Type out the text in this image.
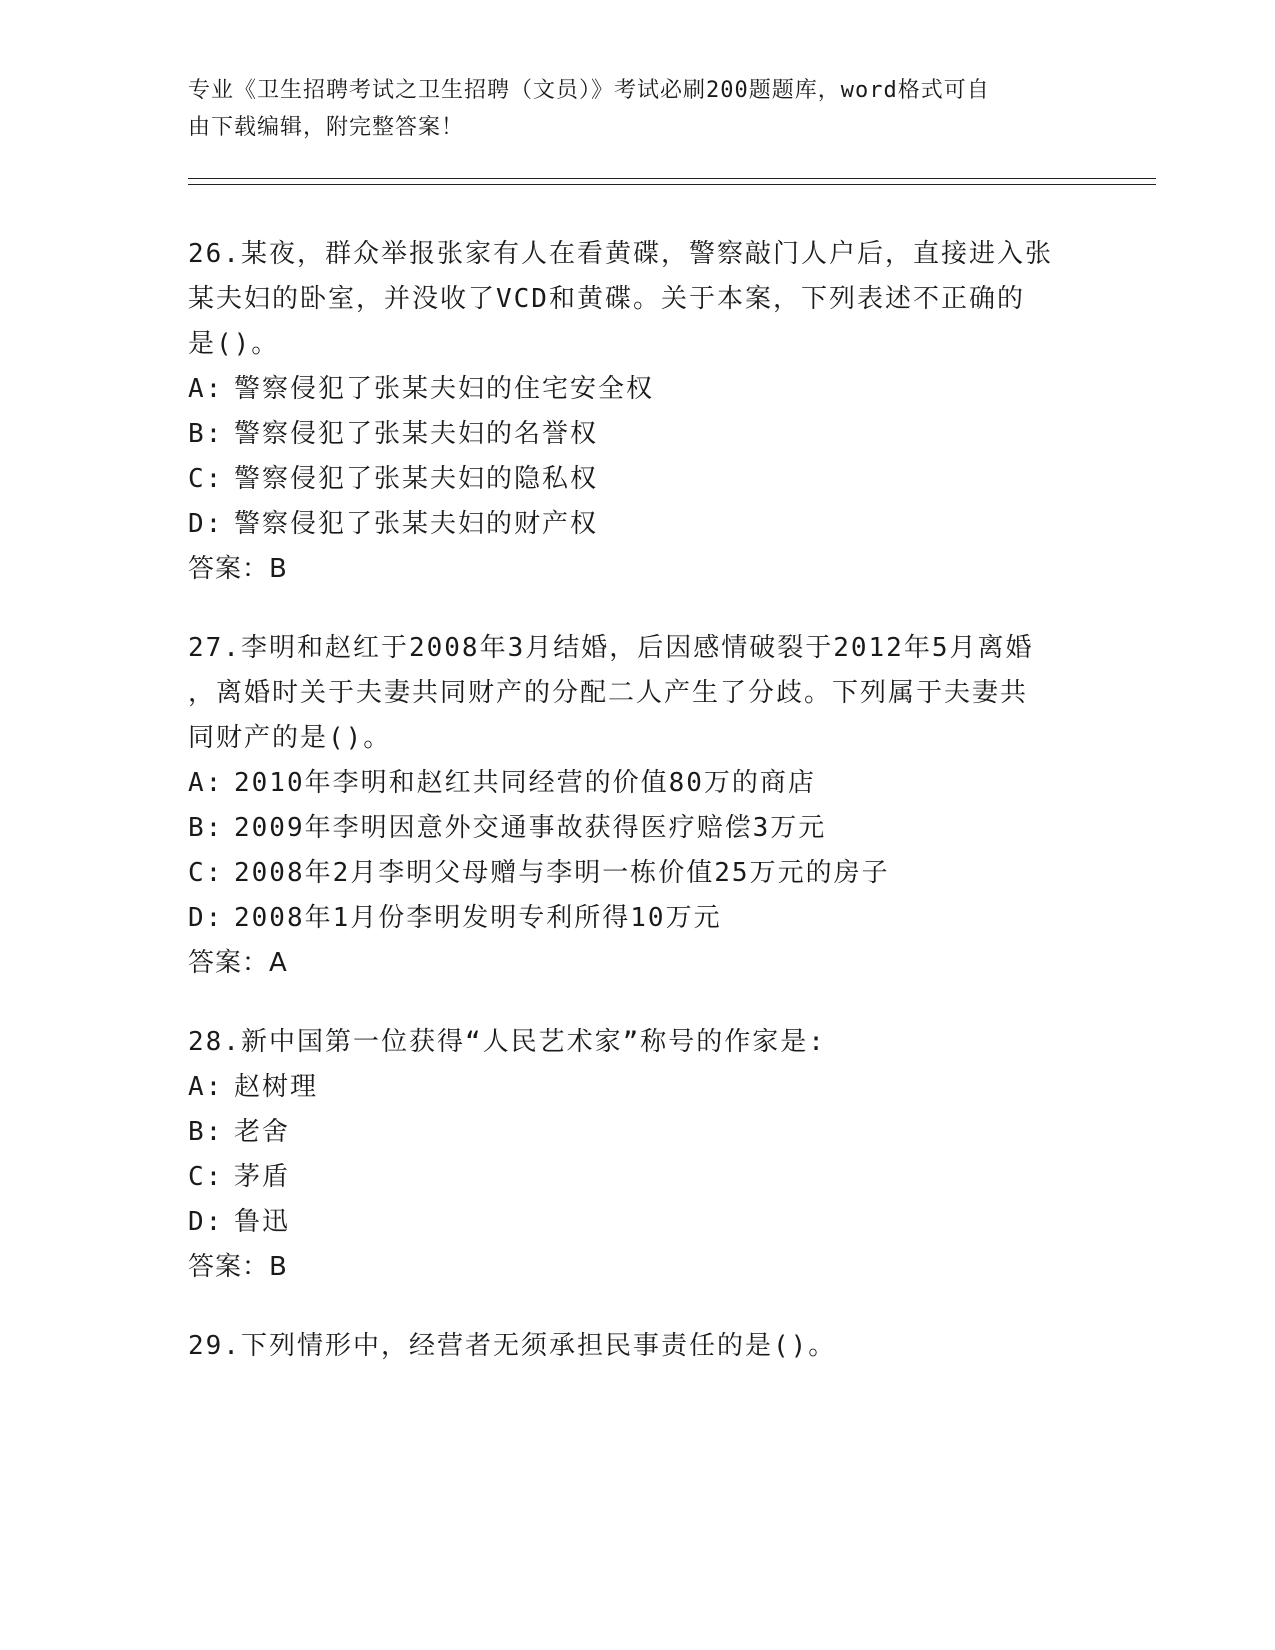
专业《卫生招聘考试之卫生招聘（文员）》考试必刷200题题库，word格式可自
由下载编辑，附完整答案！

26.某夜，群众举报张家有人在看黄碟，警察敲门人户后，直接进入张

某夫妇的卧室，并没收了VCD和黄碟。关于本案，下列表述不正确的

是()。

A: 警察侵犯了张某夫妇的住宅安全权

B: 警察侵犯了张某夫妇的名誉权

C: 警察侵犯了张某夫妇的隐私权

D: 警察侵犯了张某夫妇的财产权

答案：B

27.李明和赵红于2008年3月结婚，后因感情破裂于2012年5月离婚

，离婚时关于夫妻共同财产的分配二人产生了分歧。下列属于夫妻共

同财产的是()。

A: 2010年李明和赵红共同经营的价值80万的商店

B: 2009年李明因意外交通事故获得医疗赔偿3万元

C: 2008年2月李明父母赠与李明一栋价值25万元的房子

D: 2008年1月份李明发明专利所得10万元

答案：A

28.新中国第一位获得“人民艺术家”称号的作家是:

A: 赵树理

B: 老舍

C: 茅盾

D: 鲁迅

答案：B

29.下列情形中，经营者无须承担民事责任的是()。
